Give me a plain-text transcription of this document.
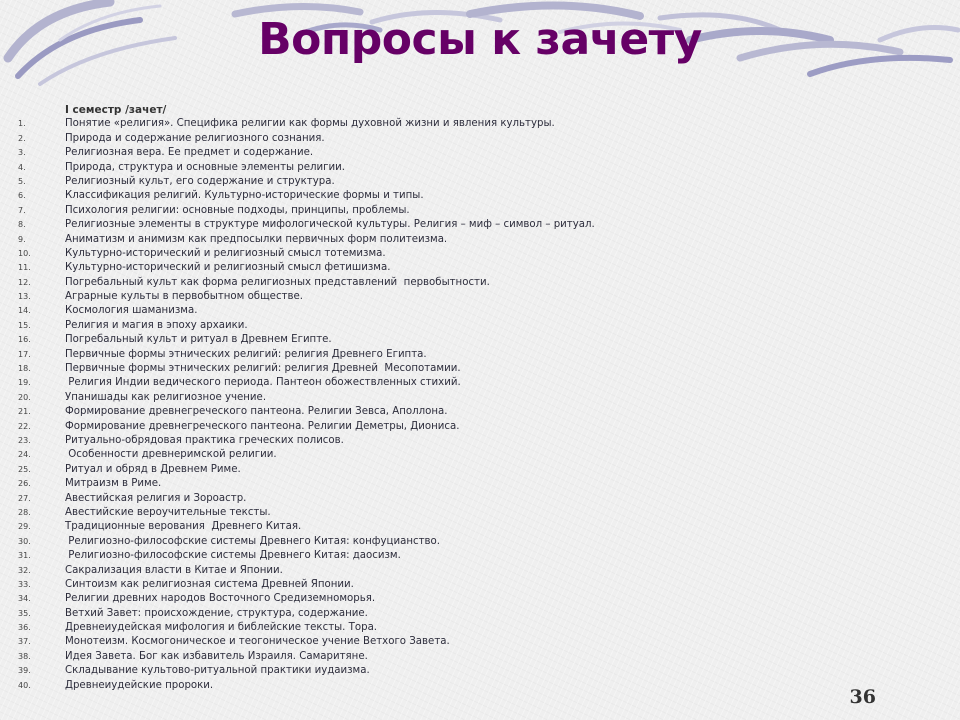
Вопросы к зачету
I семестр /зачет/
1.	Понятие «религия». Специфика религии как формы духовной жизни и явления культуры.
2.	Природа и содержание религиозного сознания.
3.	Религиозная вера. Ее предмет и содержание.
4.	Природа, структура и основные элементы религии.
5.	Религиозный культ, его содержание и структура.
6.	Классификация религий. Культурно-исторические формы и типы.
7.	Психология религии: основные подходы, принципы, проблемы.
8.	Религиозные элементы в структуре мифологической культуры. Религия – миф – символ – ритуал.
9.	Аниматизм и анимизм как предпосылки первичных форм политеизма.
10.	Культурно-исторический и религиозный смысл тотемизма.
11.	Культурно-исторический и религиозный смысл фетишизма.
12.	Погребальный культ как форма религиозных представлений  первобытности.
13.	Аграрные культы в первобытном обществе.
14.	Космология шаманизма.
15.	Религия и магия в эпоху архаики.
16.	Погребальный культ и ритуал в Древнем Египте.
17.	Первичные формы этнических религий: религия Древнего Египта.
18.	Первичные формы этнических религий: религия Древней  Месопотамии.
19.	Религия Индии ведического периода. Пантеон обожествленных стихий.
20.	Упанишады как религиозное учение.
21.	Формирование древнегреческого пантеона. Религии Зевса, Аполлона.
22.	Формирование древнегреческого пантеона. Религии Деметры, Диониса.
23.	Ритуально-обрядовая практика греческих полисов.
24.	Особенности древнеримской религии.
25.	Ритуал и обряд в Древнем Риме.
26.	Митраизм в Риме.
27.	Авестийская религия и Зороастр.
28.	Авестийские вероучительные тексты.
29.	Традиционные верования  Древнего Китая.
30.	Религиозно-философские системы Древнего Китая: конфуцианство.
31.	Религиозно-философские системы Древнего Китая: даосизм.
32.	Сакрализация власти в Китае и Японии.
33.	Синтоизм как религиозная система Древней Японии.
34.	Религии древних народов Восточного Средиземноморья.
35.	Ветхий Завет: происхождение, структура, содержание.
36.	Древнеиудейская мифология и библейские тексты. Тора.
37.	Монотеизм. Космогоническое и теогоническое учение Ветхого Завета.
38.	Идея Завета. Бог как избавитель Израиля. Самаритяне.
39.	Складывание культово-ритуальной практики иудаизма.
40.	Древнеиудейские пророки.
36
